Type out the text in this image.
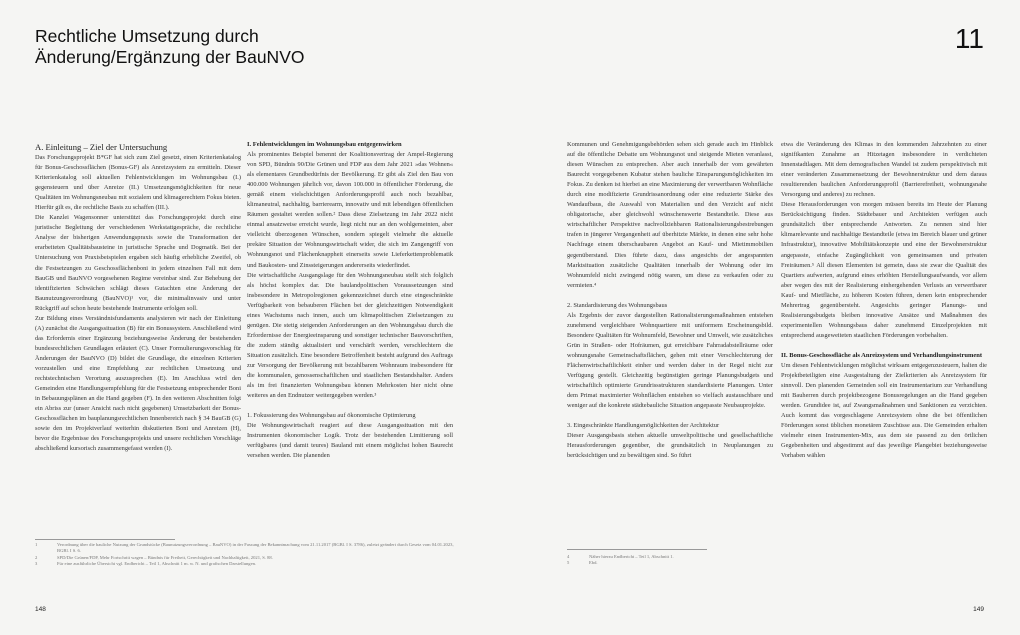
Rechtliche Umsetzung durch
Änderung/Ergänzung der BauNVO

A. Einleitung – Ziel der Untersuchung

Das Forschungsprojekt B*GF hat sich zum Ziel gesetzt, einen Kriterienkatalog für Bonus-Geschossflächen (Bonus-GF) als Anreizsystem zu ermitteln. Dieser Kriterienkatalog soll aktuellen Fehlentwicklungen im Wohnungsbau (I.) gegensteuern und über Anreize (II.) Umsetzungsmöglichkeiten für neue Qualitäten im Wohnungsneubau mit sozialem und klimagerechtem Fokus bieten. Hierfür gilt es, die rechtliche Basis zu schaffen (III.).

Die Kanzlei Wagensonner unterstützt das Forschungsprojekt durch eine juristische Begleitung der verschiedenen Werkstattgespräche, die rechtliche Analyse der bisherigen Anwendungspraxis sowie die Transformation der erarbeiteten Qualitätsbausteine in juristische Sprache und Dogmatik. Bei der Untersuchung von Praxisbeispielen ergaben sich häufig erhebliche Zweifel, ob die Festsetzungen zu Geschossflächenboni in jedem einzelnen Fall mit dem BauGB und BauNVO vorgesehenen Regime vereinbar sind. Zur Behebung der identifizierten Schwächen schlägt dieses Gutachten eine Änderung der Baunutzungsverordnung (BauNVO)¹ vor, die minimalinvasiv und unter Rückgriff auf schon heute bestehende Instrumente erfolgen soll.

Zur Bildung eines Verständnisfundaments analysieren wir nach der Einleitung (A) zunächst die Ausgangssituation (B) für ein Bonussystem. Anschließend wird das Erfordernis einer Ergänzung beziehungsweise Änderung der bestehenden bundesrechtlichen Grundlagen erläutert (C). Unser Formulierungsvorschlag für Änderungen der BauNVO (D) bildet die Grundlage, die einzelnen Kriterien vorzustellen und eine Empfehlung zur rechtlichen Umsetzung und rechtstechnischen Verortung auszusprechen (E). Im Anschluss wird den Gemeinden eine Handlungsempfehlung für die Festsetzung entsprechender Boni in Bebauungsplänen an die Hand gegeben (F). In den weiteren Abschnitten folgt ein Abriss zur (unser Ansicht nach nicht gegebenen) Umsetzbarkeit der Bonus-Geschossflächen im bauplanungsrechtlichen Innenbereich nach § 34 BauGB (G) sowie den im Projektverlauf weiterhin diskutierten Boni und Anreizen (H), bevor die Ergebnisse des Forschungsprojekts und unsere rechtlichen Vorschläge abschließend kursorisch zusammengefasst werden (I).

I. Fehlentwicklungen im Wohnungsbau entgegenwirken

Als prominentes Beispiel benennt der Koalitionsvertrag der Ampel-Regierung von SPD, Bündnis 90/Die Grünen und FDP aus dem Jahr 2021 »das Wohnen« als elementares Grundbedürfnis der Bevölkerung. Er gibt als Ziel den Bau von 400.000 Wohnungen jährlich vor, davon 100.000 in öffentlicher Förderung, die gemäß einem vielschichtigen Anforderungsprofil auch noch bezahlbar, klimaneutral, nachhaltig, barrierearm, innovativ und mit lebendigen öffentlichen Räumen gestaltet werden sollen.² Dass diese Zielsetzung im Jahr 2022 nicht einmal ansatzweise erreicht wurde, liegt nicht nur an den wohlgemeinten, aber vielleicht überzogenen Wünschen, sondern spiegelt vielmehr die aktuelle prekäre Situation der Wohnungswirtschaft wider, die sich im Zangengriff von Wohnungsnot und Flächenknappheit einerseits sowie Lieferkettenproblematik und Baukosten- und Zinssteigerungen andererseits wiederfindet.

Die wirtschaftliche Ausgangslage für den Wohnungsneubau stellt sich folglich als höchst komplex dar. Die baulandpolitischen Voraussetzungen sind insbesondere in Metropolregionen gekennzeichnet durch eine eingeschränkte Verfügbarkeit von bebauberen Flächen bei der gleichzeitigen Notwendigkeit eines Wachstums nach innen, auch um klimapolitischen Zielsetzungen zu genügen. Die stetig steigenden Anforderungen an den Wohnungsbau durch die Erfordernisse der Energieeinsparung und sonstiger technischer Bauvorschriften, die zudem ständig aktualisiert und verschärft werden, verschlechtern die Situation zusätzlich. Eine besondere Betroffenheit besteht aufgrund des Auftrags zur Versorgung der Bevölkerung mit bezahlbarem Wohnraum insbesondere für die kommunalen, genossenschaftlichen und staatlichen Bestandshalter. Anders als im frei finanzierten Wohnungsbau können Mehrkosten hier nicht ohne weiteres an den Endnutzer weitergegeben werden.³

1. Fokussierung des Wohnungsbau auf ökonomische Optimierung

Die Wohnungswirtschaft reagiert auf diese Ausgangssituation mit den Instrumenten ökonomischer Logik. Trotz der bestehenden Limitierung soll verfügbares (und damit teures) Bauland mit einem möglichst hohen Baurecht versehen werden. Die planenden

1	Verordnung über die bauliche Nutzung der Grundstücke (Baunutzungsverordnung – BauNVO) in der Fassung der Bekanntmachung vom 21.11.2017 (BGBl. I S. 3786), zuletzt geändert durch Gesetz vom 04.01.2023, BGBl. I S. 6.
2	SPD/Die Grünen/FDP, Mehr Fortschritt wagen – Bündnis für Freiheit, Gerechtigkeit und Nachhaltigkeit, 2021, S. 88.
3	Für eine ausführliche Übersicht vgl. Endbericht – Teil 1, Abschnitt 1 m. w. N. und grafischen Darstellungen.
148
11

Kommunen und Genehmigungsbehörden sehen sich gerade auch im Hinblick auf die öffentliche Debatte um Wohnungsnot und steigende Mieten veranlasst, diesen Wünschen zu entsprechen. Aber auch innerhalb der vom gewährten Baurecht vorgegebenen Kubatur stehen bauliche Einsparungsmöglichkeiten im Fokus. Zu denken ist hierbei an eine Maximierung der verwertbaren Wohnfläche durch eine modifizierte Grundrissanordnung oder eine reduzierte Stärke des Wandaufbaus, die Auswahl von Materialien und den Verzicht auf nicht obligatorische, aber gleichwohl wünschenswerte Bestandteile. Diese aus wirtschaftlicher Perspektive nachvollziehbaren Rationalisierungsbestrebungen trafen in jüngerer Vergangenheit auf überhitzte Märkte, in denen eine sehr hohe Nachfrage einem überschaubaren Angebot an Kauf- und Mietimmobilien gegenüberstand. Dies führte dazu, dass angesichts der angespannten Marktsituation zusätzliche Qualitäten innerhalb der Wohnung oder im Wohnumfeld nicht zwingend nötig waren, um diese zu verkaufen oder zu vermieten.⁴

2. Standardisierung des Wohnungsbaus

Als Ergebnis der zuvor dargestellten Rationalisierungsmaßnahmen entstehen zunehmend vergleichbare Wohnquartiere mit uniformem Erscheinungsbild. Besondere Qualitäten für Wohnumfeld, Bewohner und Umwelt, wie zusätzliches Grün in Straßen- oder Hofräumen, gut erreichbare Fahrradabstellräume oder wohnungsnahe Gemeinschaftsflächen, gehen mit einer Verschlechterung der Flächenwirtschaftlichkeit einher und werden daher in der Regel nicht zur Verfügung gestellt. Gleichzeitig begünstigten geringe Planungsbudgets und wirtschaftlich optimierte Grundrissstrukturen standardisierte Planungen. Unter dem Primat maximierter Wohnflächen entstehen so vielfach austauschbare und weniger auf die konkrete städtebauliche Situation angepasste Neubauprojekte.

3. Eingeschränkte Handlungsmöglichkeiten der Architektur

Dieser Ausgangsbasis stehen aktuelle umweltpolitische und gesellschaftliche Herausforderungen gegenüber, die grundsätzlich in Neuplanungen zu berücksichtigen und zu bewältigen sind. So führt

etwa die Veränderung des Klimas in den kommenden Jahrzehnten zu einer signifikanten Zunahme an Hitzetagen insbesondere in verdichteten Innenstadtlagen. Mit dem demografischen Wandel ist zudem perspektivisch mit einer veränderten Zusammensetzung der Bewohnerstruktur und dem daraus resultierenden baulichen Anforderungsprofil (Barrierefreiheit, wohnungsnahe Versorgung und anderes) zu rechnen.

Diese Herausforderungen von morgen müssen bereits im Heute der Planung Berücksichtigung finden. Städtebauer und Architekten verfügen auch grundsätzlich über entsprechende Antworten. Zu nennen sind hier klimarelevante und nachhaltige Bestandteile (etwa im Bereich blauer und grüner Infrastruktur), innovative Mobilitätskonzepte und eine der Bewohnerstruktur angepasste, einfache Zugänglichkeit von gemeinsamen und privaten Freiräumen.⁵ All diesen Elementen ist gemein, dass sie zwar die Qualität des Quartiers aufwerten, aufgrund eines erhöhten Herstellungsaufwands, vor allem aber wegen des mit der Realisierung einhergehenden Verlusts an verwertbarer Kauf- und Mietfläche, zu höheren Kosten führen, denen kein entsprechender Mehrertrag gegenübersteht. Angesichts geringer Planungs- und Realisierungsbudgets bleiben innovative Ansätze und Maßnahmen des experimentellen Wohnungsbaus daher zunehmend Einzelprojekten mit entsprechend ausgeweiteten staatlichen Förderungen vorbehalten.

II. Bonus-Geschossfläche als Anreizsystem und Verhandlungsinstrument

Um diesen Fehlentwicklungen möglichst wirksam entgegenzusteuern, halten die Projektbeteiligten eine Ausgestaltung der Zielkriterien als Anreizsystem für sinnvoll. Den planenden Gemeinden soll ein Instrumentarium zur Verhandlung mit Bauherren durch projektbezogene Bonusregelungen an die Hand gegeben werden. Grundidee ist, auf Zwangsmaßnahmen und Sanktionen zu verzichten. Auch kommt das vorgeschlagene Anreizsystem ohne die bei öffentlichen Förderungen sonst üblichen monetären Zuschüsse aus. Die Gemeinden erhalten vielmehr einen Instrumenten-Mix, aus dem sie passend zu den örtlichen Gegebenheiten und abgestimmt auf das jeweilige Plangebiet beziehungsweise Vorhaben wählen

4	Näher hierzu Endbericht – Teil 1, Abschnitt 1.
5	Ebd.
149
